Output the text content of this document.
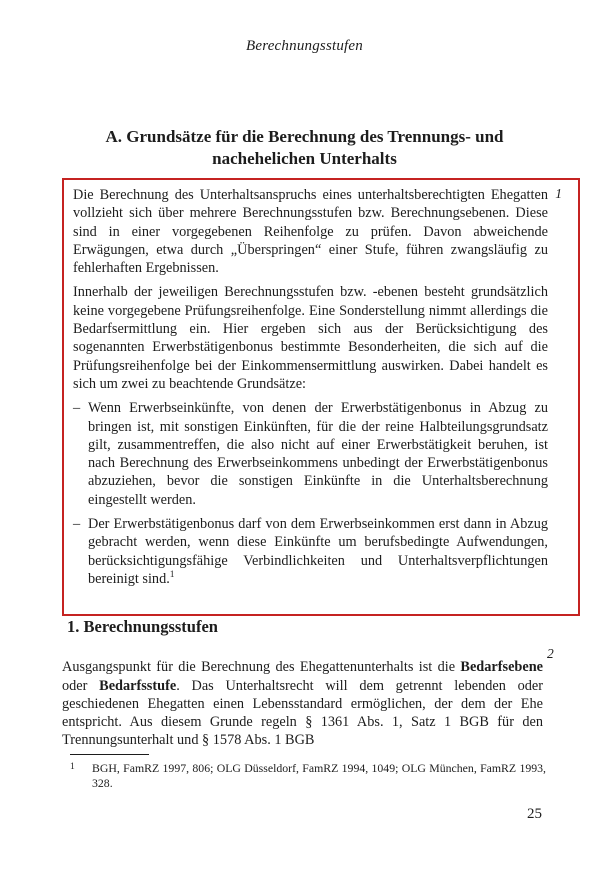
Berechnungsstufen
A. Grundsätze für die Berechnung des Trennungs- und nachehelichen Unterhalts
1

Die Berechnung des Unterhaltsanspruchs eines unterhaltsberechtigten Ehegatten vollzieht sich über mehrere Berechnungsstufen bzw. Berechnungsebenen. Diese sind in einer vorgegebenen Reihenfolge zu prüfen. Davon abweichende Erwägungen, etwa durch „Überspringen“ einer Stufe, führen zwangsläufig zu fehlerhaften Ergebnissen.

Innerhalb der jeweiligen Berechnungsstufen bzw. -ebenen besteht grundsätzlich keine vorgegebene Prüfungsreihenfolge. Eine Sonderstellung nimmt allerdings die Bedarfsermittlung ein. Hier ergeben sich aus der Berücksichtigung des sogenannten Erwerbstätigenbonus bestimmte Besonderheiten, die sich auf die Prüfungsreihenfolge bei der Einkommensermittlung auswirken. Dabei handelt es sich um zwei zu beachtende Grundsätze:

– Wenn Erwerbseinkünfte, von denen der Erwerbstätigenbonus in Abzug zu bringen ist, mit sonstigen Einkünften, für die der reine Halbteilungsgrundsatz gilt, zusammentreffen, die also nicht auf einer Erwerbstätigkeit beruhen, ist nach Berechnung des Erwerbseinkommens unbedingt der Erwerbstätigenbonus abzuziehen, bevor die sonstigen Einkünfte in die Unterhaltsberechnung eingestellt werden.
– Der Erwerbstätigenbonus darf von dem Erwerbseinkommen erst dann in Abzug gebracht werden, wenn diese Einkünfte um berufsbedingte Aufwendungen, berücksichtigungsfähige Verbindlichkeiten und Unterhaltsverpflichtungen bereinigt sind.$^1$
1. Berechnungsstufen
2

Ausgangspunkt für die Berechnung des Ehegattenunterhalts ist die Bedarfsebene oder Bedarfsstufe. Das Unterhaltsrecht will dem getrennt lebenden oder geschiedenen Ehegatten einen Lebensstandard ermöglichen, der dem der Ehe entspricht. Aus diesem Grunde regeln § 1361 Abs. 1, Satz 1 BGB für den Trennungsunterhalt und § 1578 Abs. 1 BGB

1	BGH, FamRZ 1997, 806; OLG Düsseldorf, FamRZ 1994, 1049; OLG München, FamRZ 1993, 328.
25
